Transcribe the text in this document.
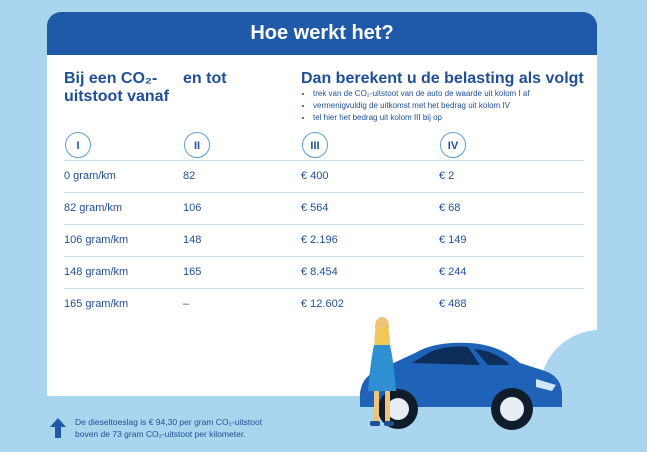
Hoe werkt het?
Bij een CO₂-uitstoot vanaf
en tot	Dan berekent u de belasting als volgt
• trek van de CO₂-uitstoot van de auto de waarde uit kolom I af
• vermenigvuldig de uitkomst met het bedrag uit kolom IV
• tel hier het bedrag uit kolom III bij op
I	II	III	IV
0 gram/km	82	€ 400	€ 2
82 gram/km	106	€ 564	€ 68
106 gram/km	148	€ 2.196	€ 149
148 gram/km	165	€ 8.454	€ 244
165 gram/km	–	€ 12.602	€ 488
De dieseltoeslag is € 94,30 per gram CO₂-uitstoot
boven de 73 gram CO₂-uitstoot per kilometer.
